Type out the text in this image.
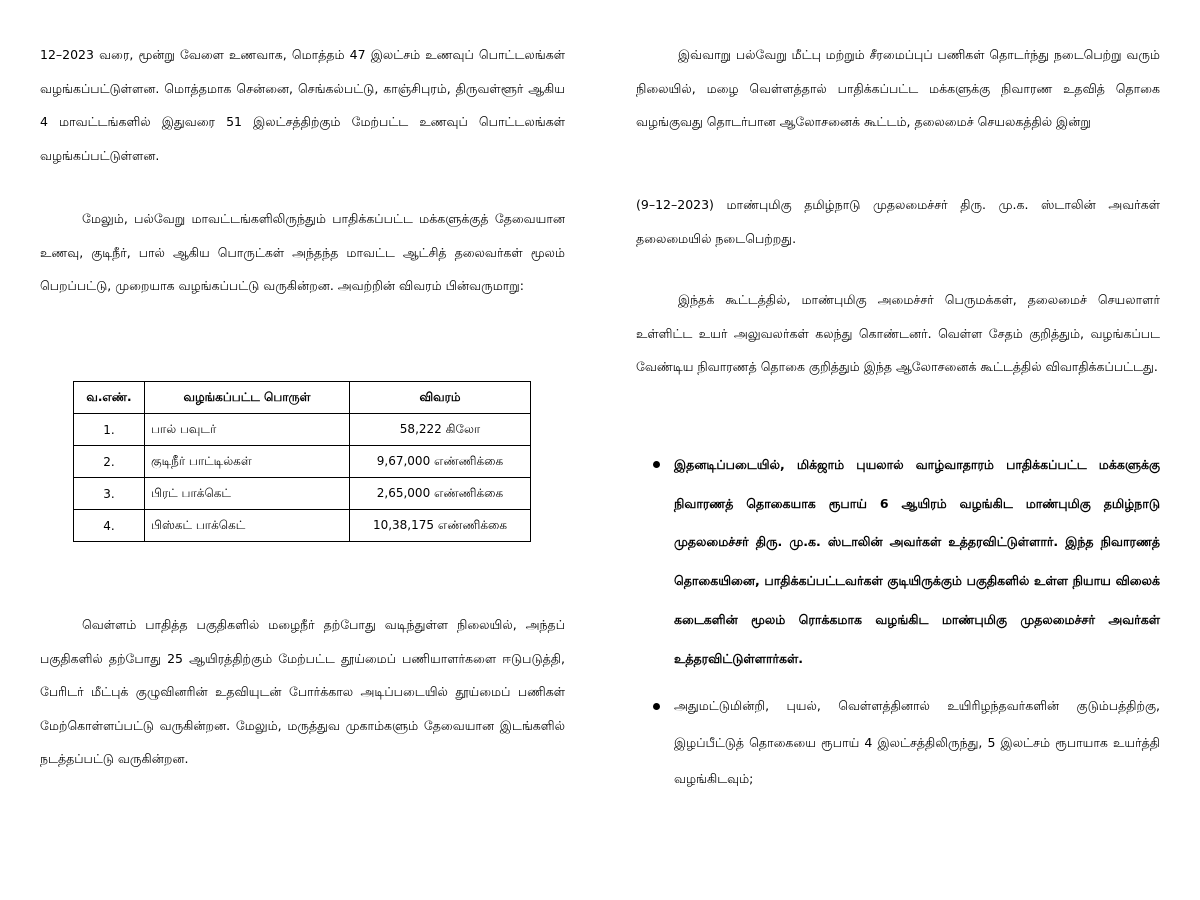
12–2023 வரை, மூன்று வேளை உணவாக, மொத்தம் 47 இலட்சம் உணவுப் பொட்டலங்கள் வழங்கப்பட்டுள்ளன. மொத்தமாக சென்னை, செங்கல்பட்டு, காஞ்சிபுரம், திருவள்ளூர் ஆகிய 4 மாவட்டங்களில் இதுவரை 51 இலட்சத்திற்கும் மேற்பட்ட உணவுப் பொட்டலங்கள் வழங்கப்பட்டுள்ளன.

மேலும், பல்வேறு மாவட்டங்களிலிருந்தும் பாதிக்கப்பட்ட மக்களுக்குத் தேவையான உணவு, குடிநீர், பால் ஆகிய பொருட்கள் அந்தந்த மாவட்ட ஆட்சித் தலைவர்கள் மூலம் பெறப்பட்டு, முறையாக வழங்கப்பட்டு வருகின்றன. அவற்றின் விவரம் பின்வருமாறு:

வ.எண்.	வழங்கப்பட்ட பொருள்	விவரம்
1.	பால் பவுடர்	58,222 கிலோ
2.	குடிநீர் பாட்டில்கள்	9,67,000 எண்ணிக்கை
3.	பிரட் பாக்கெட்	2,65,000 எண்ணிக்கை
4.	பிஸ்கட் பாக்கெட்	10,38,175 எண்ணிக்கை

வெள்ளம் பாதித்த பகுதிகளில் மழைநீர் தற்போது வடிந்துள்ள நிலையில், அந்தப் பகுதிகளில் தற்போது 25 ஆயிரத்திற்கும் மேற்பட்ட தூய்மைப் பணியாளர்களை ஈடுபடுத்தி, பேரிடர் மீட்புக் குழுவினரின் உதவியுடன் போர்க்கால அடிப்படையில் தூய்மைப் பணிகள் மேற்கொள்ளப்பட்டு வருகின்றன. மேலும், மருத்துவ முகாம்களும் தேவையான இடங்களில் நடத்தப்பட்டு வருகின்றன.

இவ்வாறு பல்வேறு மீட்பு மற்றும் சீரமைப்புப் பணிகள் தொடர்ந்து நடைபெற்று வரும் நிலையில், மழை வெள்ளத்தால் பாதிக்கப்பட்ட மக்களுக்கு நிவாரண உதவித் தொகை வழங்குவது தொடர்பான ஆலோசனைக் கூட்டம், தலைமைச் செயலகத்தில் இன்று

(9–12–2023) மாண்புமிகு தமிழ்நாடு முதலமைச்சர் திரு. மு.க. ஸ்டாலின் அவர்கள் தலைமையில் நடைபெற்றது.

இந்தக் கூட்டத்தில், மாண்புமிகு அமைச்சர் பெருமக்கள், தலைமைச் செயலாளர் உள்ளிட்ட உயர் அலுவலர்கள் கலந்து கொண்டனர். வெள்ள சேதம் குறித்தும், வழங்கப்பட வேண்டிய நிவாரணத் தொகை குறித்தும் இந்த ஆலோசனைக் கூட்டத்தில் விவாதிக்கப்பட்டது.

இதனடிப்படையில், மிக்ஜாம் புயலால் வாழ்வாதாரம் பாதிக்கப்பட்ட மக்களுக்கு நிவாரணத் தொகையாக ரூபாய் 6 ஆயிரம் வழங்கிட மாண்புமிகு தமிழ்நாடு முதலமைச்சர் திரு. மு.க. ஸ்டாலின் அவர்கள் உத்தரவிட்டுள்ளார். இந்த நிவாரணத் தொகையினை, பாதிக்கப்பட்டவர்கள் குடியிருக்கும் பகுதிகளில் உள்ள நியாய விலைக் கடைகளின் மூலம் ரொக்கமாக வழங்கிட மாண்புமிகு முதலமைச்சர் அவர்கள் உத்தரவிட்டுள்ளார்கள்.
அதுமட்டுமின்றி, புயல், வெள்ளத்தினால் உயிரிழந்தவர்களின் குடும்பத்திற்கு, இழப்பீட்டுத் தொகையை ரூபாய் 4 இலட்சத்திலிருந்து, 5 இலட்சம் ரூபாயாக உயர்த்தி வழங்கிடவும்;
